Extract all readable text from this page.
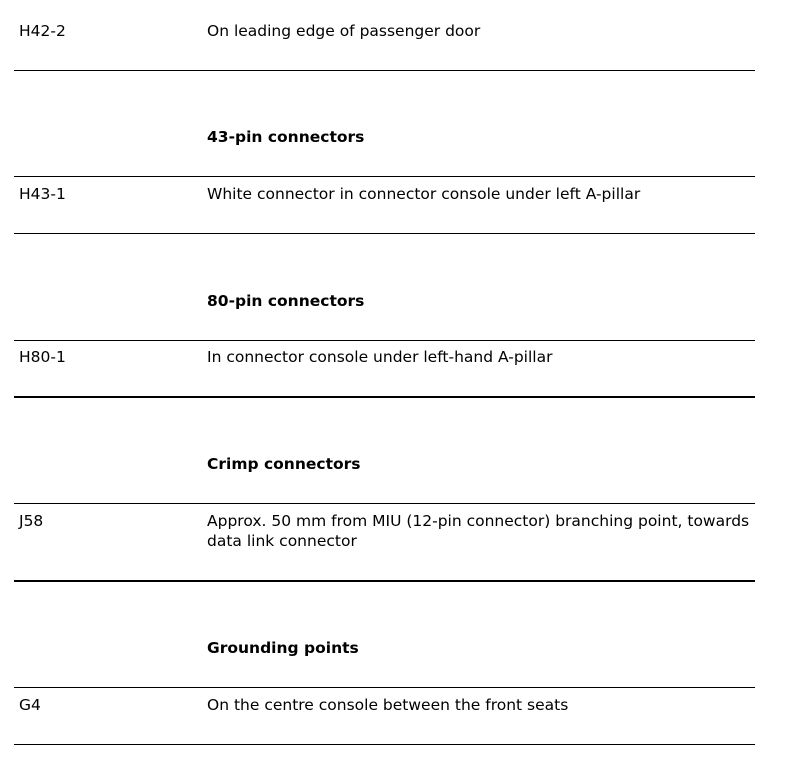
H42-2	On leading edge of passenger door
43-pin connectors
H43-1	White connector in connector console under left A-pillar
80-pin connectors
H80-1	In connector console under left-hand A-pillar
Crimp connectors
J58	Approx. 50 mm from MIU (12-pin connector) branching point, towards data link connector
Grounding points
G4	On the centre console between the front seats
